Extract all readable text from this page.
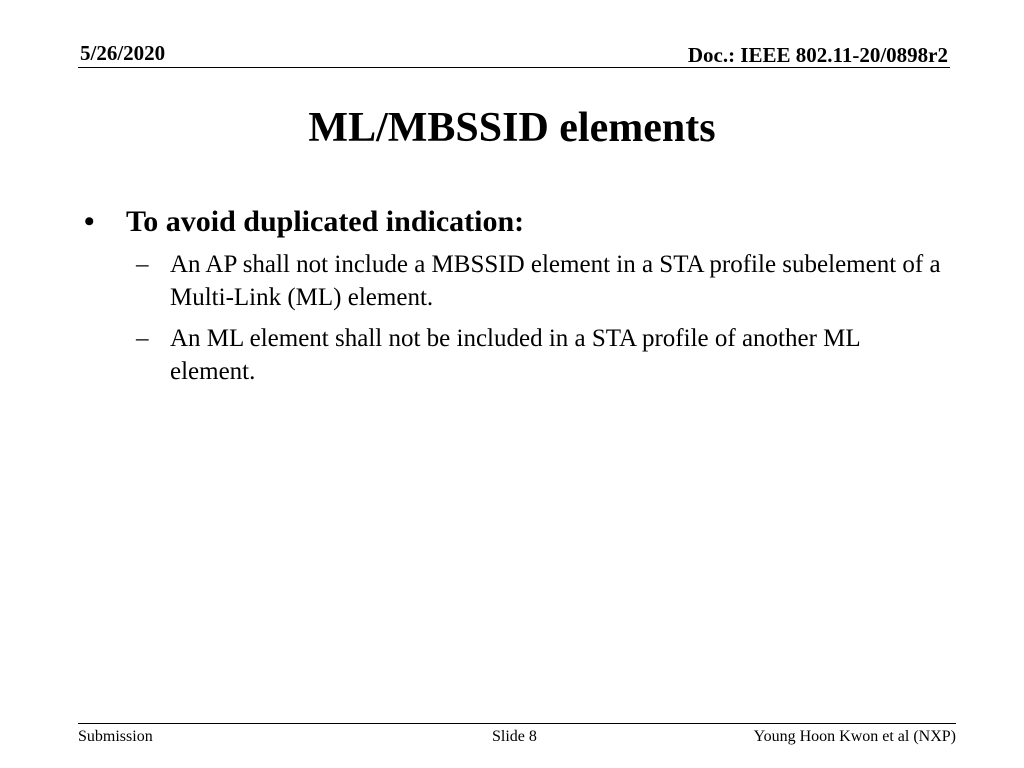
5/26/2020	Doc.: IEEE 802.11-20/0898r2
ML/MBSSID elements
• To avoid duplicated indication:
– An AP shall not include a MBSSID element in a STA profile subelement of a Multi-Link (ML) element.
– An ML element shall not be included in a STA profile of another ML element.
Submission	Slide 8	Young Hoon Kwon et al (NXP)
